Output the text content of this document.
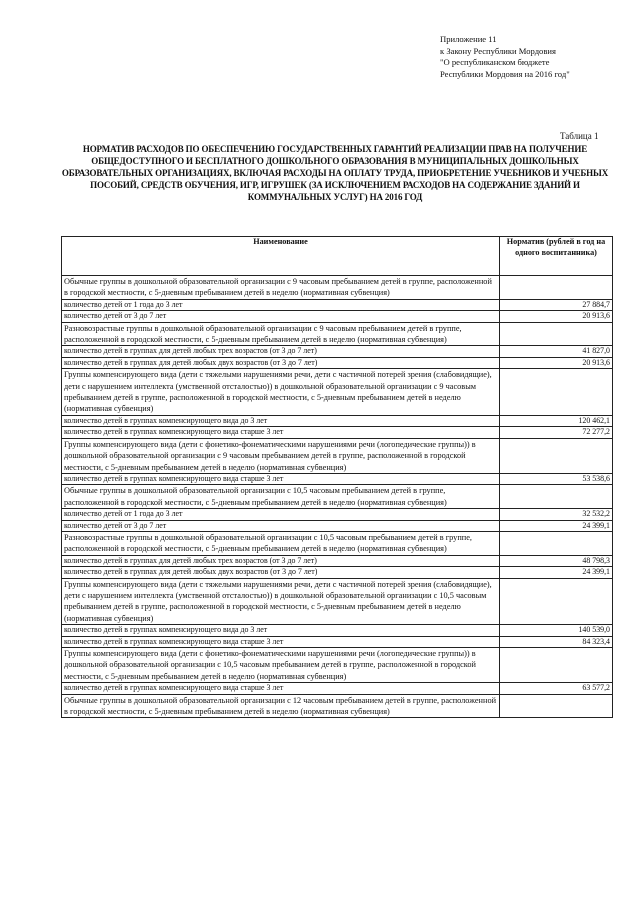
Приложение 11
к Закону Республики Мордовия
"О республиканском бюджете
Республики Мордовия на 2016 год"
Таблица 1
НОРМАТИВ РАСХОДОВ ПО ОБЕСПЕЧЕНИЮ ГОСУДАРСТВЕННЫХ ГАРАНТИЙ РЕАЛИЗАЦИИ ПРАВ НА ПОЛУЧЕНИЕ ОБЩЕДОСТУПНОГО И БЕСПЛАТНОГО ДОШКОЛЬНОГО ОБРАЗОВАНИЯ В МУНИЦИПАЛЬНЫХ ДОШКОЛЬНЫХ ОБРАЗОВАТЕЛЬНЫХ ОРГАНИЗАЦИЯХ, ВКЛЮЧАЯ РАСХОДЫ НА ОПЛАТУ ТРУДА, ПРИОБРЕТЕНИЕ УЧЕБНИКОВ И УЧЕБНЫХ ПОСОБИЙ, СРЕДСТВ ОБУЧЕНИЯ, ИГР, ИГРУШЕК (ЗА ИСКЛЮЧЕНИЕМ РАСХОДОВ НА СОДЕРЖАНИЕ ЗДАНИЙ И КОММУНАЛЬНЫХ УСЛУГ) НА 2016 ГОД
Наименование	Норматив (рублей в год на одного воспитанника)
Обычные группы в дошкольной образовательной организации с 9 часовым пребыванием детей в группе, расположенной в городской местности, с 5-дневным пребыванием детей в неделю (нормативная субвенция)	
количество детей от 1 года до 3 лет	27 884,7
количество детей от 3 до 7 лет	20 913,6
Разновозрастные группы в дошкольной образовательной организации с 9 часовым пребыванием детей в группе, расположенной в городской местности, с 5-дневным пребыванием детей в неделю (нормативная субвенция)	
количество детей в группах для детей любых трех возрастов (от 3 до 7 лет)	41 827,0
количество детей в группах для детей любых двух возрастов (от 3 до 7 лет)	20 913,6
Группы компенсирующего вида (дети с тяжелыми нарушениями речи, дети с частичной потерей зрения (слабовидящие), дети с нарушением интеллекта (умственной отсталостью)) в дошкольной образовательной организации с 9 часовым пребыванием детей в группе, расположенной в городской местности, с 5-дневным пребыванием детей в неделю (нормативная субвенция)	
количество детей в группах компенсирующего вида до 3 лет	120 462,1
количество детей в группах компенсирующего вида старше 3 лет	72 277,2
Группы компенсирующего вида (дети с фонетико-фонематическими нарушениями речи (логопедические группы)) в дошкольной образовательной организации с 9 часовым пребыванием детей в группе, расположенной в городской местности, с 5-дневным пребыванием детей в неделю (нормативная субвенция)	
количество детей в группах компенсирующего вида старше 3 лет	53 538,6
Обычные группы в дошкольной образовательной организации с 10,5 часовым пребыванием детей в группе, расположенной в городской местности, с 5-дневным пребыванием детей в неделю (нормативная субвенция)	
количество детей от 1 года до 3 лет	32 532,2
количество детей от 3 до 7 лет	24 399,1
Разновозрастные группы в дошкольной образовательной организации с 10,5 часовым пребыванием детей в группе, расположенной в городской местности, с 5-дневным пребыванием детей в неделю (нормативная субвенция)	
количество детей в группах для детей любых трех возрастов (от 3 до 7 лет)	48 798,3
количество детей в группах для детей любых двух возрастов (от 3 до 7 лет)	24 399,1
Группы компенсирующего вида (дети с тяжелыми нарушениями речи, дети с частичной потерей зрения (слабовидящие), дети с нарушением интеллекта (умственной отсталостью)) в дошкольной образовательной организации с 10,5 часовым пребыванием детей в группе, расположенной в городской местности, с 5-дневным пребыванием детей в неделю (нормативная субвенция)	
количество детей в группах компенсирующего вида до 3 лет	140 539,0
количество детей в группах компенсирующего вида старше 3 лет	84 323,4
Группы компенсирующего вида (дети с фонетико-фонематическими нарушениями речи (логопедические группы)) в дошкольной образовательной организации с 10,5 часовым пребыванием детей в группе, расположенной в городской местности, с 5-дневным пребыванием детей в неделю (нормативная субвенция)	
количество детей в группах компенсирующего вида старше 3 лет	63 577,2
Обычные группы в дошкольной образовательной организации с 12 часовым пребыванием детей в группе, расположенной в городской местности, с 5-дневным пребыванием детей в неделю (нормативная субвенция)	
